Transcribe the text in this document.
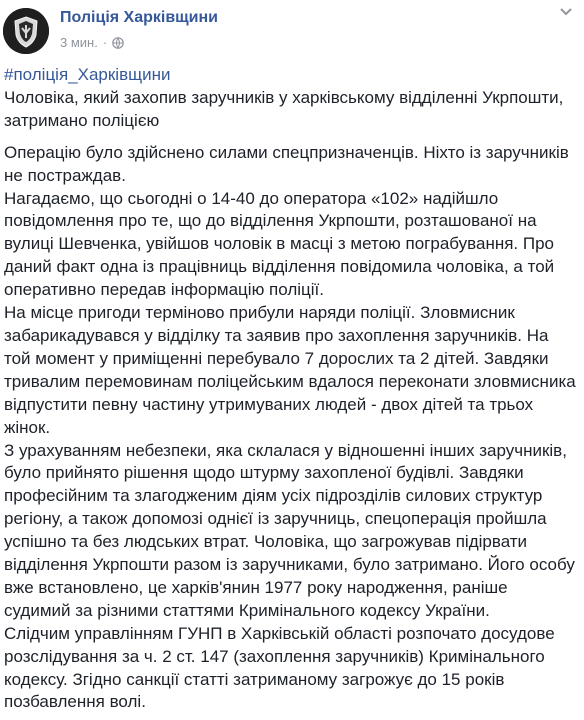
Поліція Харківщини
3 мин. ·

#поліція_Харківщини

Чоловіка, який захопив заручників у харківському відділенні Укрпошти, затримано поліцією

Операцію було здійснено силами спецпризначенців. Ніхто із заручників не постраждав.

Нагадаємо, що сьогодні о 14-40 до оператора «102» надійшло повідомлення про те, що до відділення Укрпошти, розташованої на вулиці Шевченка, увійшов чоловік в масці з метою пограбування. Про даний факт одна із працівниць відділення повідомила чоловіка, а той оперативно передав інформацію поліції.

На місце пригоди терміново прибули наряди поліції. Зловмисник забарикадувався у відділку та заявив про захоплення заручників. На той момент у приміщенні перебувало 7 дорослих та 2 дітей. Завдяки тривалим перемовинам поліцейським вдалося переконати зловмисника відпустити певну частину утримуваних людей - двох дітей та трьох жінок.

З урахуванням небезпеки, яка склалася у відношенні інших заручників, було прийнято рішення щодо штурму захопленої будівлі. Завдяки професійним та злагодженим діям усіх підрозділів силових структур регіону, а також допомозі однієї із заручниць, спецоперація пройшла успішно та без людських втрат. Чоловіка, що загрожував підірвати відділення Укрпошти разом із заручниками, було затримано. Його особу вже встановлено, це харків'янин 1977 року народження, раніше судимий за різними статтями Кримінального кодексу України.

Слідчим управлінням ГУНП в Харківській області розпочато досудове розслідування за ч. 2 ст. 147 (захоплення заручників) Кримінального кодексу. Згідно санкції статті затриманому загрожує до 15 років позбавлення волі.
